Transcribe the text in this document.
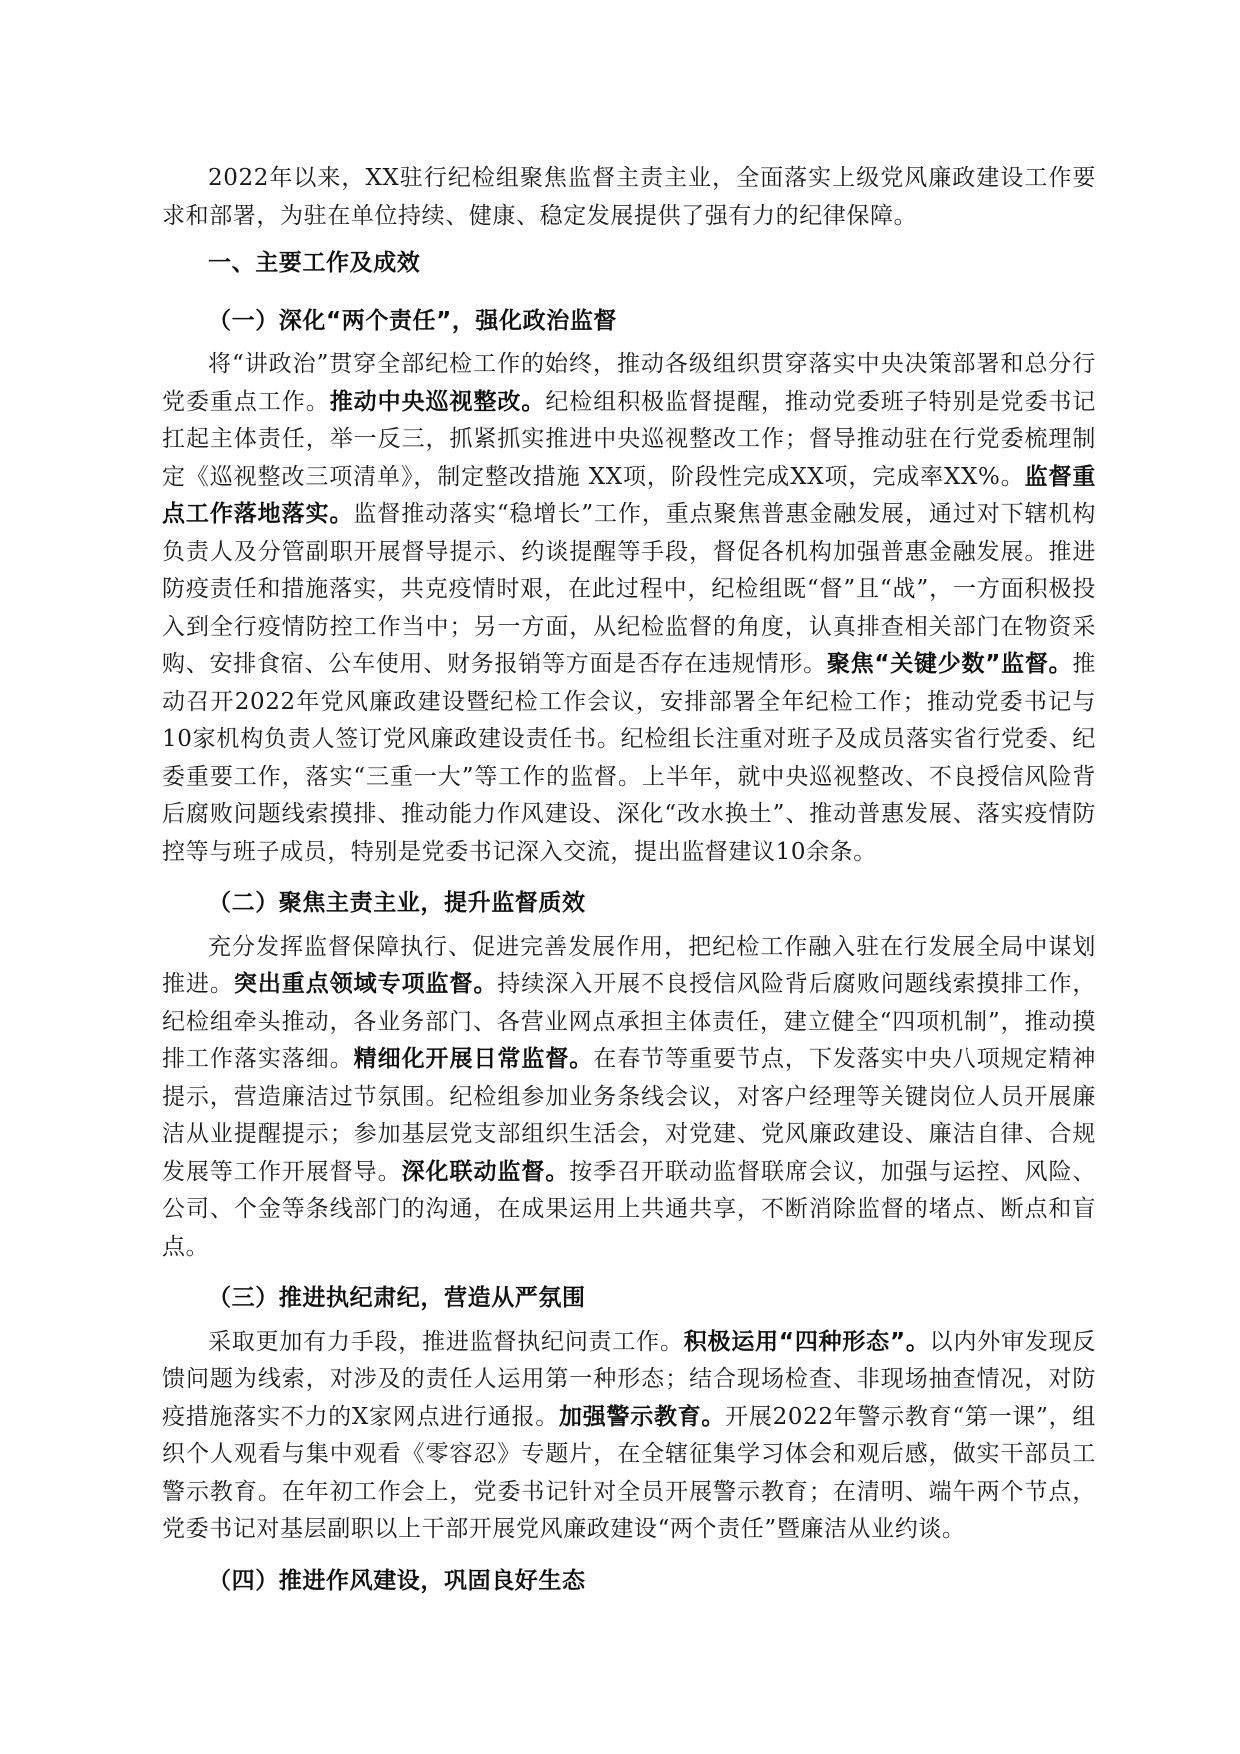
2022年以来，XX驻行纪检组聚焦监督主责主业，全面落实上级党风廉政建设工作要求和部署，为驻在单位持续、健康、稳定发展提供了强有力的纪律保障。

一、主要工作及成效

（一）深化“两个责任”，强化政治监督

将“讲政治”贯穿全部纪检工作的始终，推动各级组织贯穿落实中央决策部署和总分行党委重点工作。推动中央巡视整改。纪检组积极监督提醒，推动党委班子特别是党委书记扛起主体责任，举一反三，抓紧抓实推进中央巡视整改工作；督导推动驻在行党委梳理制定《巡视整改三项清单》，制定整改措施 XX项，阶段性完成XX项，完成率XX%。监督重点工作落地落实。监督推动落实“稳增长”工作，重点聚焦普惠金融发展，通过对下辖机构负责人及分管副职开展督导提示、约谈提醒等手段，督促各机构加强普惠金融发展。推进防疫责任和措施落实，共克疫情时艰，在此过程中，纪检组既“督”且“战”，一方面积极投入到全行疫情防控工作当中；另一方面，从纪检监督的角度，认真排查相关部门在物资采购、安排食宿、公车使用、财务报销等方面是否存在违规情形。聚焦“关键少数”监督。推动召开2022年党风廉政建设暨纪检工作会议，安排部署全年纪检工作；推动党委书记与10家机构负责人签订党风廉政建设责任书。纪检组长注重对班子及成员落实省行党委、纪委重要工作，落实“三重一大”等工作的监督。上半年，就中央巡视整改、不良授信风险背后腐败问题线索摸排、推动能力作风建设、深化“改水换土”、推动普惠发展、落实疫情防控等与班子成员，特别是党委书记深入交流，提出监督建议10余条。

（二）聚焦主责主业，提升监督质效

充分发挥监督保障执行、促进完善发展作用，把纪检工作融入驻在行发展全局中谋划推进。突出重点领域专项监督。持续深入开展不良授信风险背后腐败问题线索摸排工作，纪检组牵头推动，各业务部门、各营业网点承担主体责任，建立健全“四项机制”，推动摸排工作落实落细。精细化开展日常监督。在春节等重要节点，下发落实中央八项规定精神提示，营造廉洁过节氛围。纪检组参加业务条线会议，对客户经理等关键岗位人员开展廉洁从业提醒提示；参加基层党支部组织生活会，对党建、党风廉政建设、廉洁自律、合规发展等工作开展督导。深化联动监督。按季召开联动监督联席会议，加强与运控、风险、公司、个金等条线部门的沟通，在成果运用上共通共享，不断消除监督的堵点、断点和盲点。

（三）推进执纪肃纪，营造从严氛围

采取更加有力手段，推进监督执纪问责工作。积极运用“四种形态”。以内外审发现反馈问题为线索，对涉及的责任人运用第一种形态；结合现场检查、非现场抽查情况，对防疫措施落实不力的X家网点进行通报。加强警示教育。开展2022年警示教育“第一课”，组织个人观看与集中观看《零容忍》专题片，在全辖征集学习体会和观后感，做实干部员工警示教育。在年初工作会上，党委书记针对全员开展警示教育；在清明、端午两个节点，党委书记对基层副职以上干部开展党风廉政建设“两个责任”暨廉洁从业约谈。

（四）推进作风建设，巩固良好生态
